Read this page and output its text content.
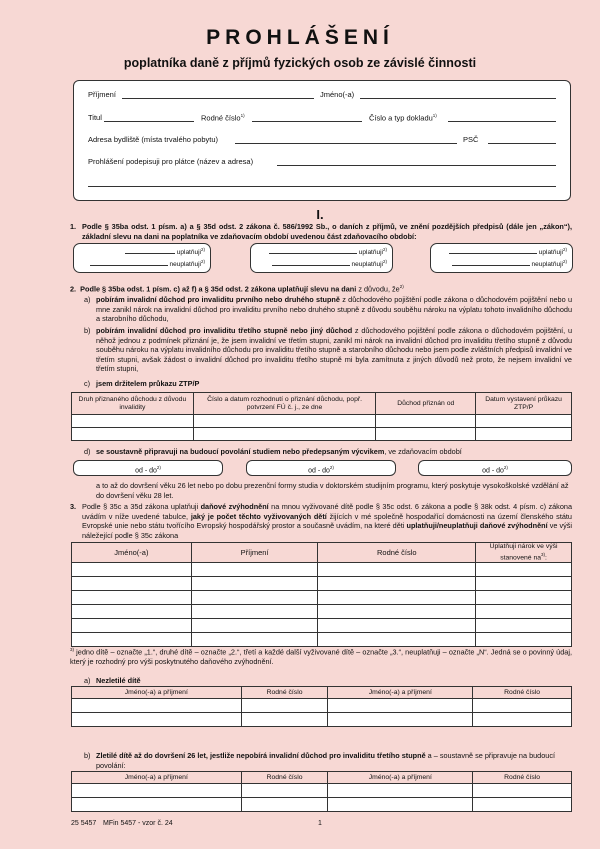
PROHLÁŠENÍ
poplatníka daně z příjmů fyzických osob ze závislé činnosti
Příjmení	Jméno(-a)
Titul	Rodné číslo$^{1)}$	Číslo a typ dokladu$^{1)}$
Adresa bydliště (místa trvalého pobytu)	PSČ
Prohlášení podepisuji pro plátce (název a adresa)
I.
1. Podle § 35ba odst. 1 písm. a) a § 35d odst. 2 zákona č. 586/1992 Sb., o daních z příjmů, ve znění pozdějších předpisů (dále jen „zákon“), základní slevu na dani na poplatníka ve zdaňovacím období uvedenou část zdaňovacího období:
uplatňuji$^{2)}$
neuplatňuji$^{2)}$
uplatňuji$^{2)}$
neuplatňuji$^{2)}$
uplatňuji$^{2)}$
neuplatňuji$^{2)}$
2. Podle § 35ba odst. 1 písm. c) až f) a § 35d odst. 2 zákona uplatňují slevu na dani z důvodu, $že^{2)}$
a) pobírám invalidní důchod pro invaliditu prvního nebo druhého stupně z důchodového pojištění podle zákona o důchodovém pojištění nebo u mne zanikl nárok na invalidní důchod pro invaliditu prvního nebo druhého stupně z důvodu souběhu nároku na výplatu tohoto invalidního důchodu a starobního důchodu,
b) pobírám invalidní důchod pro invaliditu třetího stupně nebo jiný důchod z důchodového pojištění podle zákona o důchodovém pojištění, u něhož jednou z podmínek přiznání je, že jsem invalidní ve třetím stupni, zanikl mi nárok na invalidní důchod pro invaliditu třetího stupně z důvodu souběhu nároku na výplatu invalidního důchodu pro invaliditu třetího stupně a starobního důchodu nebo jsem podle zvláštních předpisů invalidní ve třetím stupni, avšak žádost o invalidní důchod pro invaliditu třetího stupně mi byla zamítnuta z jiných důvodů než proto, že nejsem invalidní ve třetím stupni,
c) jsem držitelem průkazu ZTP/P
Druh přiznaného důchodu z důvodu invalidity	Číslo a datum rozhodnutí o přiznání důchodu, popř. potvrzení FÚ č. j., ze dne	Důchod přiznán od	Datum vystavení průkazu ZTP/P

d) se soustavně připravuji na budoucí povolání studiem nebo předepsaným výcvikem, ve zdaňovacím období
od - $do^{2)}$	od - $do^{2)}$	od - $do^{2)}$
a to až do dovršení věku 26 let nebo po dobu prezenční formy studia v doktorském studijním programu, který poskytuje vysokoškolské vzdělání až do dovršení věku 28 let.
3. Podle § 35c a 35d zákona uplatňuji daňové zvýhodnění na mnou vyživované dítě podle § 35c odst. 6 zákona a podle § 38k odst. 4 písm. c) zákona uvádím v níže uvedené tabulce, jaký je počet těchto vyživovaných dětí žijících v mé společně hospodařící domácnosti na území členského státu Evropské unie nebo státu tvořícího Evropský hospodářský prostor a současně uvádím, na které děti uplatňuji/neuplatňuji daňové zvýhodnění ve výši náležející podle § 35c zákona
Jméno(-a)	Příjmení	Rodné číslo	Uplatňuji nárok ve výši stanovené $na^{3)}$:

$^{3)}$ jedno dítě – označte „1.“, druhé dítě – označte „2.“, třetí a každé další vyživované dítě – označte „3.“, neuplatňuji – označte „N“. Jedná se o povinný údaj, který je rozhodný pro výši poskytnutého daňového zvýhodnění.
a) Nezletilé dítě
Jméno(-a) a příjmení	Rodné číslo	Jméno(-a) a příjmení	Rodné číslo

b) Zletilé dítě až do dovršení 26 let, jestliže nepobírá invalidní důchod pro invaliditu třetího stupně a – soustavně se připravuje na budoucí povolání:
Jméno(-a) a příjmení	Rodné číslo	Jméno(-a) a příjmení	Rodné číslo

25 5457 MFin 5457 - vzor č. 24	1
